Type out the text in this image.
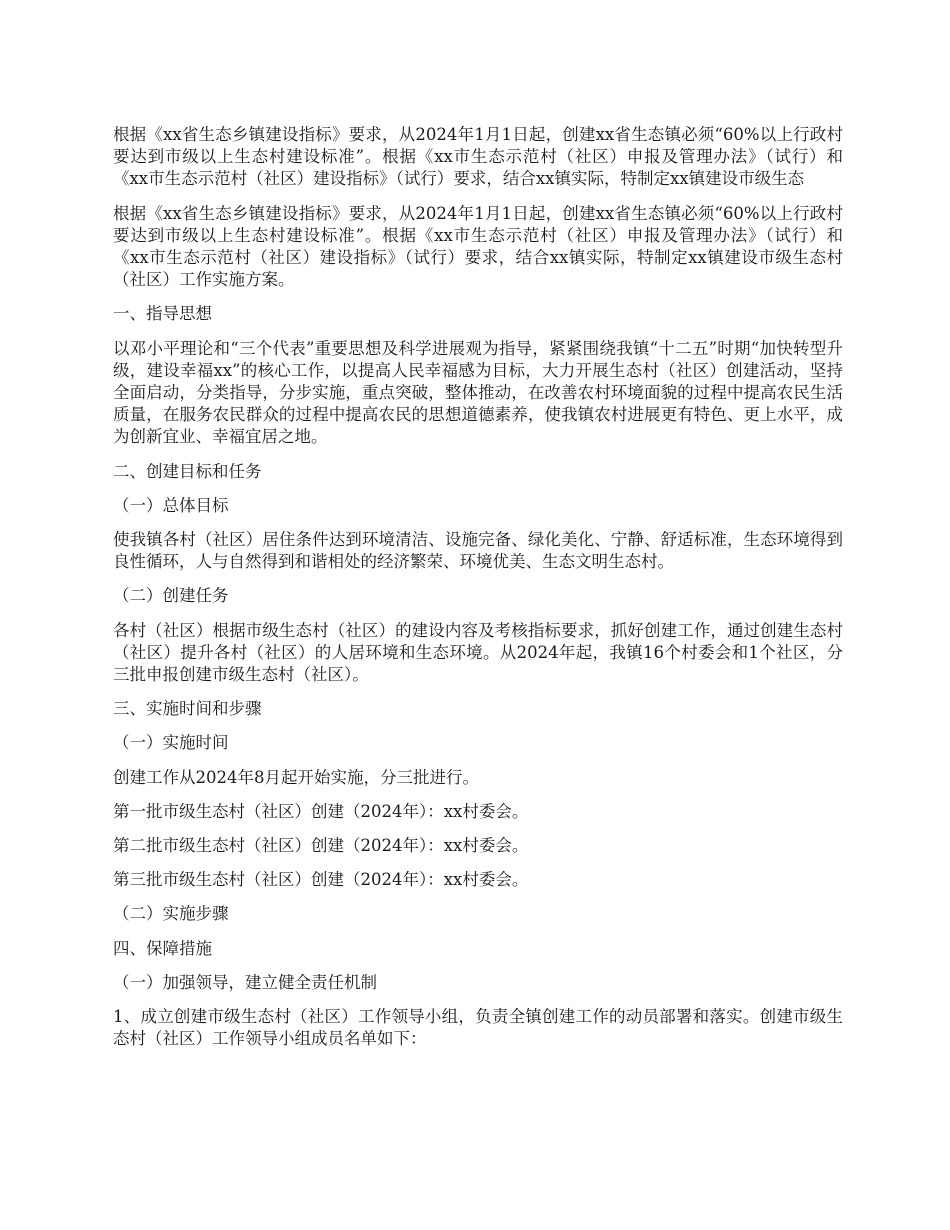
根据《xx省生态乡镇建设指标》要求，从2024年1月1日起，创建xx省生态镇必须“60%以上行政村要达到市级以上生态村建设标准”。根据《xx市生态示范村（社区）申报及管理办法》（试行）和《xx市生态示范村（社区）建设指标》（试行）要求，结合xx镇实际，特制定xx镇建设市级生态

根据《xx省生态乡镇建设指标》要求，从2024年1月1日起，创建xx省生态镇必须“60%以上行政村要达到市级以上生态村建设标准”。根据《xx市生态示范村（社区）申报及管理办法》（试行）和《xx市生态示范村（社区）建设指标》（试行）要求，结合xx镇实际，特制定xx镇建设市级生态村（社区）工作实施方案。

一、指导思想

以邓小平理论和“三个代表”重要思想及科学进展观为指导，紧紧围绕我镇“十二五”时期“加快转型升级，建设幸福xx”的核心工作，以提高人民幸福感为目标，大力开展生态村（社区）创建活动，坚持全面启动，分类指导，分步实施，重点突破，整体推动，在改善农村环境面貌的过程中提高农民生活质量，在服务农民群众的过程中提高农民的思想道德素养，使我镇农村进展更有特色、更上水平，成为创新宜业、幸福宜居之地。

二、创建目标和任务

（一）总体目标

使我镇各村（社区）居住条件达到环境清洁、设施完备、绿化美化、宁静、舒适标准，生态环境得到良性循环，人与自然得到和谐相处的经济繁荣、环境优美、生态文明生态村。

（二）创建任务

各村（社区）根据市级生态村（社区）的建设内容及考核指标要求，抓好创建工作，通过创建生态村（社区）提升各村（社区）的人居环境和生态环境。从2024年起，我镇16个村委会和1个社区，分三批申报创建市级生态村（社区）。

三、实施时间和步骤

（一）实施时间

创建工作从2024年8月起开始实施，分三批进行。

第一批市级生态村（社区）创建（2024年）：xx村委会。

第二批市级生态村（社区）创建（2024年）：xx村委会。

第三批市级生态村（社区）创建（2024年）：xx村委会。

（二）实施步骤

四、保障措施

（一）加强领导，建立健全责任机制

1、成立创建市级生态村（社区）工作领导小组，负责全镇创建工作的动员部署和落实。创建市级生态村（社区）工作领导小组成员名单如下：
